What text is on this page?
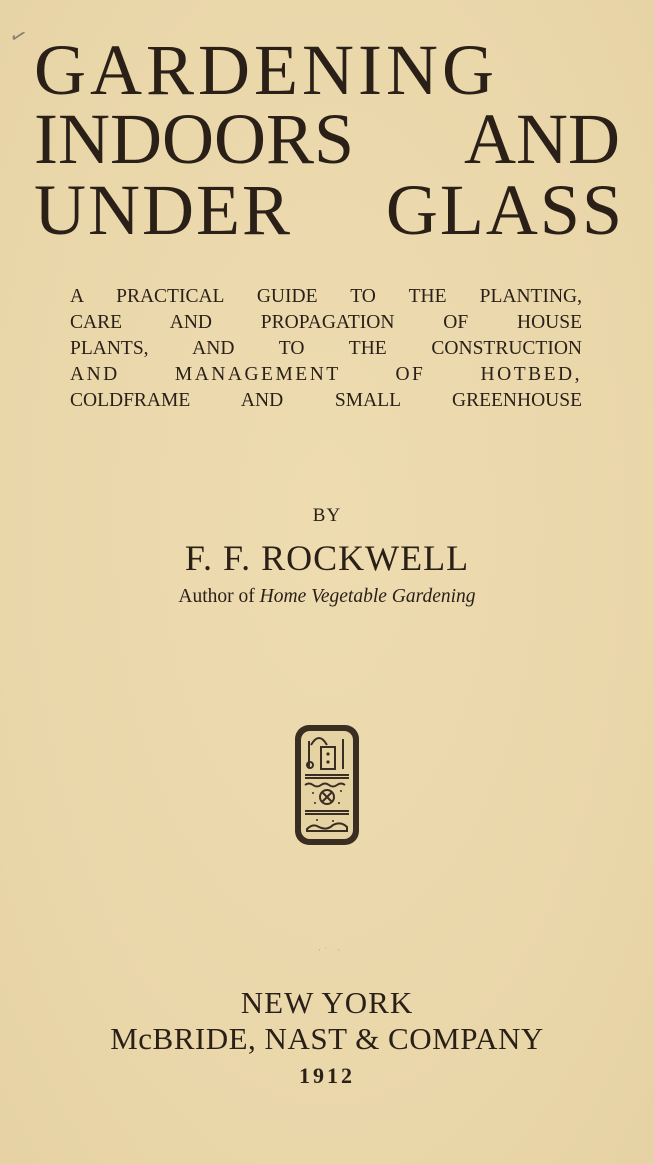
✓ GARDENING
INDOORS AND
UNDER GLASS
A PRACTICAL GUIDE TO THE PLANTING,
CARE AND PROPAGATION OF HOUSE
PLANTS, AND TO THE CONSTRUCTION
AND MANAGEMENT OF HOTBED,
COLDFRAME AND SMALL GREENHOUSE
BY
F. F. ROCKWELL
Author of Home Vegetable Gardening
·˙ ·
NEW YORK
McBRIDE, NAST & COMPANY
1912
